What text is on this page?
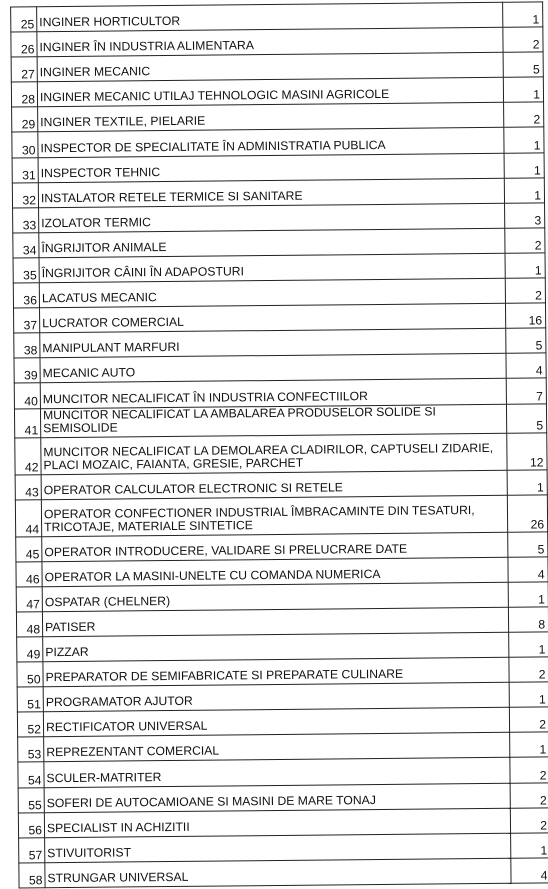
25	INGINER HORTICULTOR	1
26	INGINER ÎN INDUSTRIA ALIMENTARA	2
27	INGINER MECANIC	5
28	INGINER MECANIC UTILAJ TEHNOLOGIC MASINI AGRICOLE	1
29	INGINER TEXTILE, PIELARIE	2
30	INSPECTOR DE SPECIALITATE ÎN ADMINISTRATIA PUBLICA	1
31	INSPECTOR TEHNIC	1
32	INSTALATOR RETELE TERMICE SI SANITARE	1
33	IZOLATOR TERMIC	3
34	ÎNGRIJITOR ANIMALE	2
35	ÎNGRIJITOR CÂINI ÎN ADAPOSTURI	1
36	LACATUS MECANIC	2
37	LUCRATOR COMERCIAL	16
38	MANIPULANT MARFURI	5
39	MECANIC AUTO	4
40	MUNCITOR NECALIFICAT ÎN INDUSTRIA CONFECTIILOR	7
41	MUNCITOR NECALIFICAT LA AMBALAREA PRODUSELOR SOLIDE SI SEMISOLIDE	5
42	MUNCITOR NECALIFICAT LA DEMOLAREA CLADIRILOR, CAPTUSELI ZIDARIE, PLACI MOZAIC, FAIANTA, GRESIE, PARCHET	12
43	OPERATOR CALCULATOR ELECTRONIC SI RETELE	1
44	OPERATOR CONFECTIONER INDUSTRIAL ÎMBRACAMINTE DIN TESATURI, TRICOTAJE, MATERIALE SINTETICE	26
45	OPERATOR INTRODUCERE, VALIDARE SI PRELUCRARE DATE	5
46	OPERATOR LA MASINI-UNELTE CU COMANDA NUMERICA	4
47	OSPATAR (CHELNER)	1
48	PATISER	8
49	PIZZAR	1
50	PREPARATOR DE SEMIFABRICATE SI PREPARATE CULINARE	2
51	PROGRAMATOR AJUTOR	1
52	RECTIFICATOR UNIVERSAL	2
53	REPREZENTANT COMERCIAL	1
54	SCULER-MATRITER	2
55	SOFERI DE AUTOCAMIOANE SI MASINI DE MARE TONAJ	2
56	SPECIALIST IN ACHIZITII	2
57	STIVUITORIST	1
58	STRUNGAR UNIVERSAL	4
